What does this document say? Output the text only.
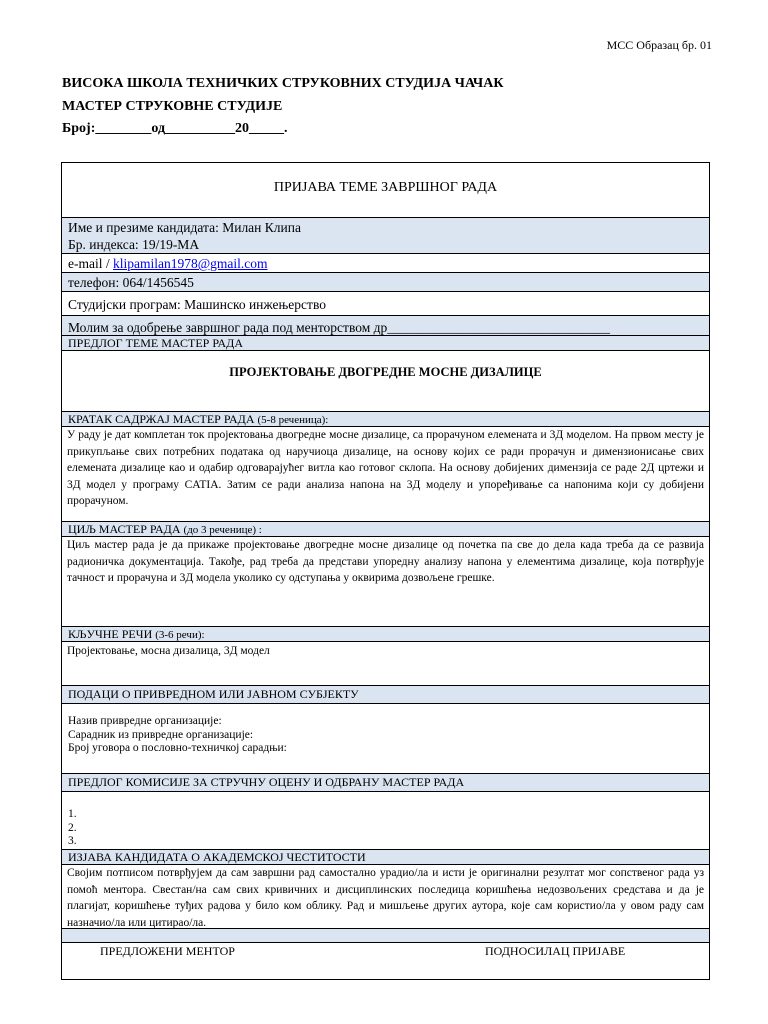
МСС Образац бр. 01
ВИСОКА ШКОЛА ТЕХНИЧКИХ СТРУКОВНИХ СТУДИЈА ЧАЧАК
МАСТЕР СТРУКОВНЕ СТУДИЈЕ
Број:________од__________20_____.
ПРИЈАВА ТЕМЕ ЗАВРШНОГ РАДА
Име и презиме кандидата: Милан Клипа
Бр. индекса: 19/19-МА
e-mail / klipamilan1978@gmail.com
телефон: 064/1456545
Студијски програм: Машинско инжењерство
Молим за одобрење завршног рада под менторством др_________________________________
ПРЕДЛОГ ТЕМЕ МАСТЕР РАДА
ПРОЈЕКТОВАЊЕ ДВОГРЕДНЕ МОСНЕ ДИЗАЛИЦЕ
КРАТАК САДРЖАЈ МАСТЕР РАДА (5-8 реченица):
У раду је дат комплетан ток пројектовања двогредне мосне дизалице, са прорачуном елемената и 3Д моделом. На првом месту је прикупљање свих потребних података од наручиоца дизалице, на основу којих се ради прорачун и димензионисање свих елемената дизалице као и одабир одговарајућег витла као готовог склопа. На основу добијених димензија се раде 2Д цртежи и 3Д модел у програму CATIA. Затим се ради анализа напона на 3Д моделу и упоређивање са напонима који су добијени прорачуном.
ЦИЉ МАСТЕР РАДА (до 3 реченице) :
Циљ мастер рада је да прикаже пројектовање двогредне мосне дизалице од почетка па све до дела када треба да се развија радионичка документација. Такође, рад треба да представи упоредну анализу напона у елементима дизалице, која потврђује тачност и прорачуна и 3Д модела уколико су одступања у оквирима дозвољене грешке.
КЉУЧНЕ РЕЧИ (3-6 речи):
Пројектовање, мосна дизалица, 3Д модел
ПОДАЦИ О ПРИВРЕДНОМ ИЛИ ЈАВНОМ СУБЈЕКТУ
Назив привредне организације:
Сарадник из привредне организације:
Број уговора о пословно-техничкој сарадњи:
ПРЕДЛОГ КОМИСИЈЕ ЗА СТРУЧНУ ОЦЕНУ И ОДБРАНУ МАСТЕР РАДА
1.
2.
3.
ИЗЈАВА КАНДИДАТА О АКАДЕМСКОЈ ЧЕСТИТОСТИ
Својим потписом потврђујем да сам завршни рад самостално урадио/ла и исти је оригинални резултат мог сопственог рада уз помоћ ментора. Свестан/на сам свих кривичних и дисциплинских последица коришћења недозвољених средстава и да је плагијат, коришћење туђих радова у било ком облику. Рад и мишљење других аутора, које сам користио/ла у овом раду сам назначио/ла или цитирао/ла.
ПРЕДЛОЖЕНИ МЕНТОР	ПОДНОСИЛАЦ ПРИЈАВЕ
